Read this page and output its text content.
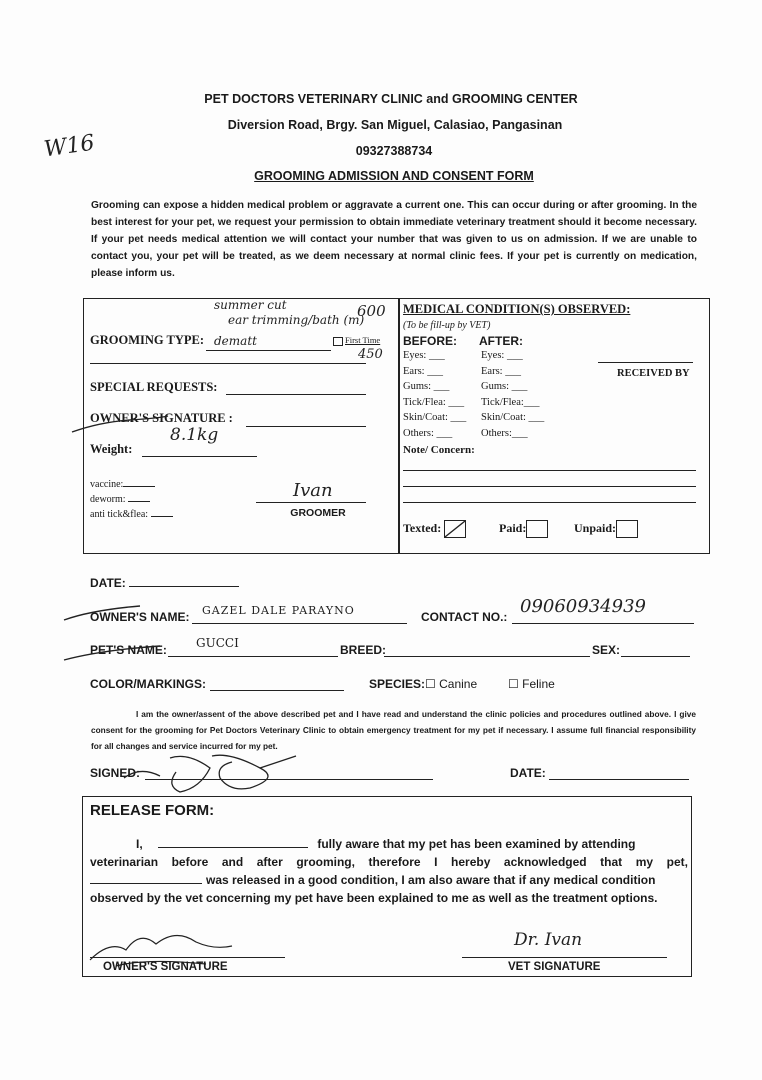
W16
PET DOCTORS VETERINARY CLINIC and GROOMING CENTER
Diversion Road, Brgy. San Miguel, Calasiao, Pangasinan
09327388734
GROOMING ADMISSION AND CONSENT FORM
Grooming can expose a hidden medical problem or aggravate a current one. This can occur during or after grooming. In the best interest for your pet, we request your permission to obtain immediate veterinary treatment should it become necessary. If your pet needs medical attention we will contact your number that was given to us on admission. If we are unable to contact you, your pet will be treated, as we deem necessary at normal clinic fees. If your pet is currently on medication, please inform us.
GROOMING TYPE:
summer cut
ear trimming/bath (m)
dematt
600
450
First Time
SPECIAL REQUESTS:
OWNER'S SIGNATURE :
Weight:
8.1kg
vaccine:
deworm:
anti tick&flea:
Ivan
GROOMER
MEDICAL CONDITION(S) OBSERVED:
(To be fill-up by VET)
BEFORE: AFTER:
Eyes: ___	Eyes: ___
Ears: ___	Ears: ___
Gums: ___	Gums: ___
Tick/Flea: ___	Tick/Flea:___
Skin/Coat: ___	Skin/Coat: ___
Others: ___	Others:___
RECEIVED BY
Note/ Concern:
Texted:	Paid:	Unpaid:
DATE:
OWNER'S NAME: GAZEL DALE PARAYNO	CONTACT NO.: 09060934939
PET'S NAME: GUCCI	BREED:	SEX:
COLOR/MARKINGS:	SPECIES: ☐ Canine	☐ Feline
I am the owner/assent of the above described pet and I have read and understand the clinic policies and procedures outlined above. I give consent for the grooming for Pet Doctors Veterinary Clinic to obtain emergency treatment for my pet if necessary. I assume full financial responsibility for all changes and service incurred for my pet.
SIGNED:	DATE:
RELEASE FORM:
I,	fully aware that my pet has been examined by attending
veterinarian before and after grooming, therefore I hereby acknowledged that my pet,
was released in a good condition, I am also aware that if any medical condition
observed by the vet concerning my pet have been explained to me as well as the treatment options.
OWNER'S SIGNATURE
Dr. Ivan
VET SIGNATURE
